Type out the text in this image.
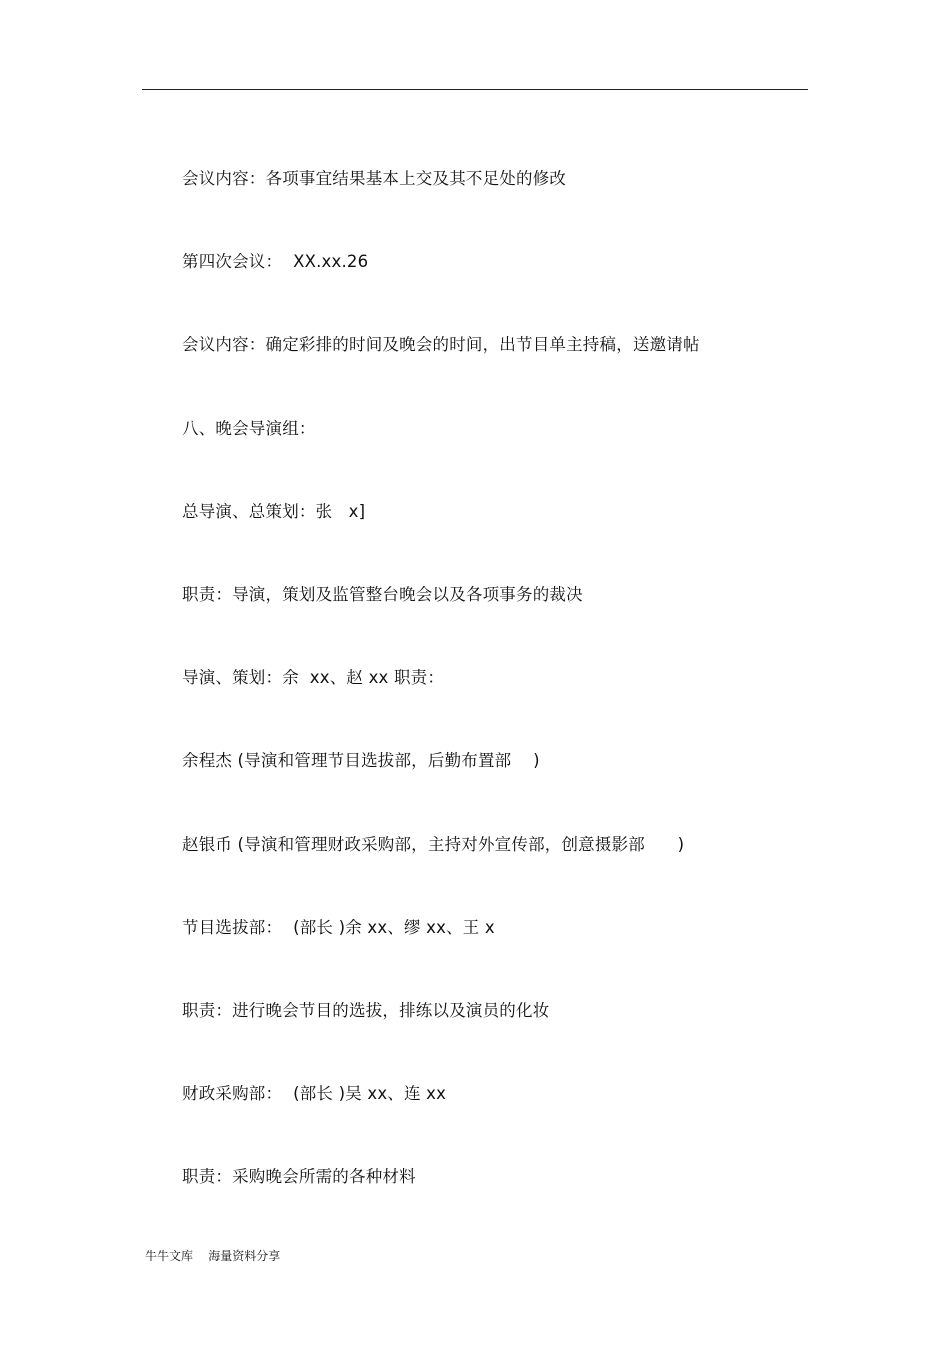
会议内容：各项事宜结果基本上交及其不足处的修改
第四次会议：  XX.xx.26
会议内容：确定彩排的时间及晚会的时间，出节目单主持稿，送邀请帖
八、晚会导演组：
总导演、总策划：张   x]
职责：导演，策划及监管整台晚会以及各项事务的裁决
导演、策划：余  xx、赵 xx 职责：
余程杰 (导演和管理节目选拔部，后勤布置部    )
赵银币 (导演和管理财政采购部，主持对外宣传部，创意摄影部      )
节目选拔部：  (部长 )余 xx、缪 xx、王 x
职责：进行晚会节目的选拔，排练以及演员的化妆
财政采购部：  (部长 )吴 xx、连 xx
职责：采购晚会所需的各种材料
牛牛文库    海量资料分享
